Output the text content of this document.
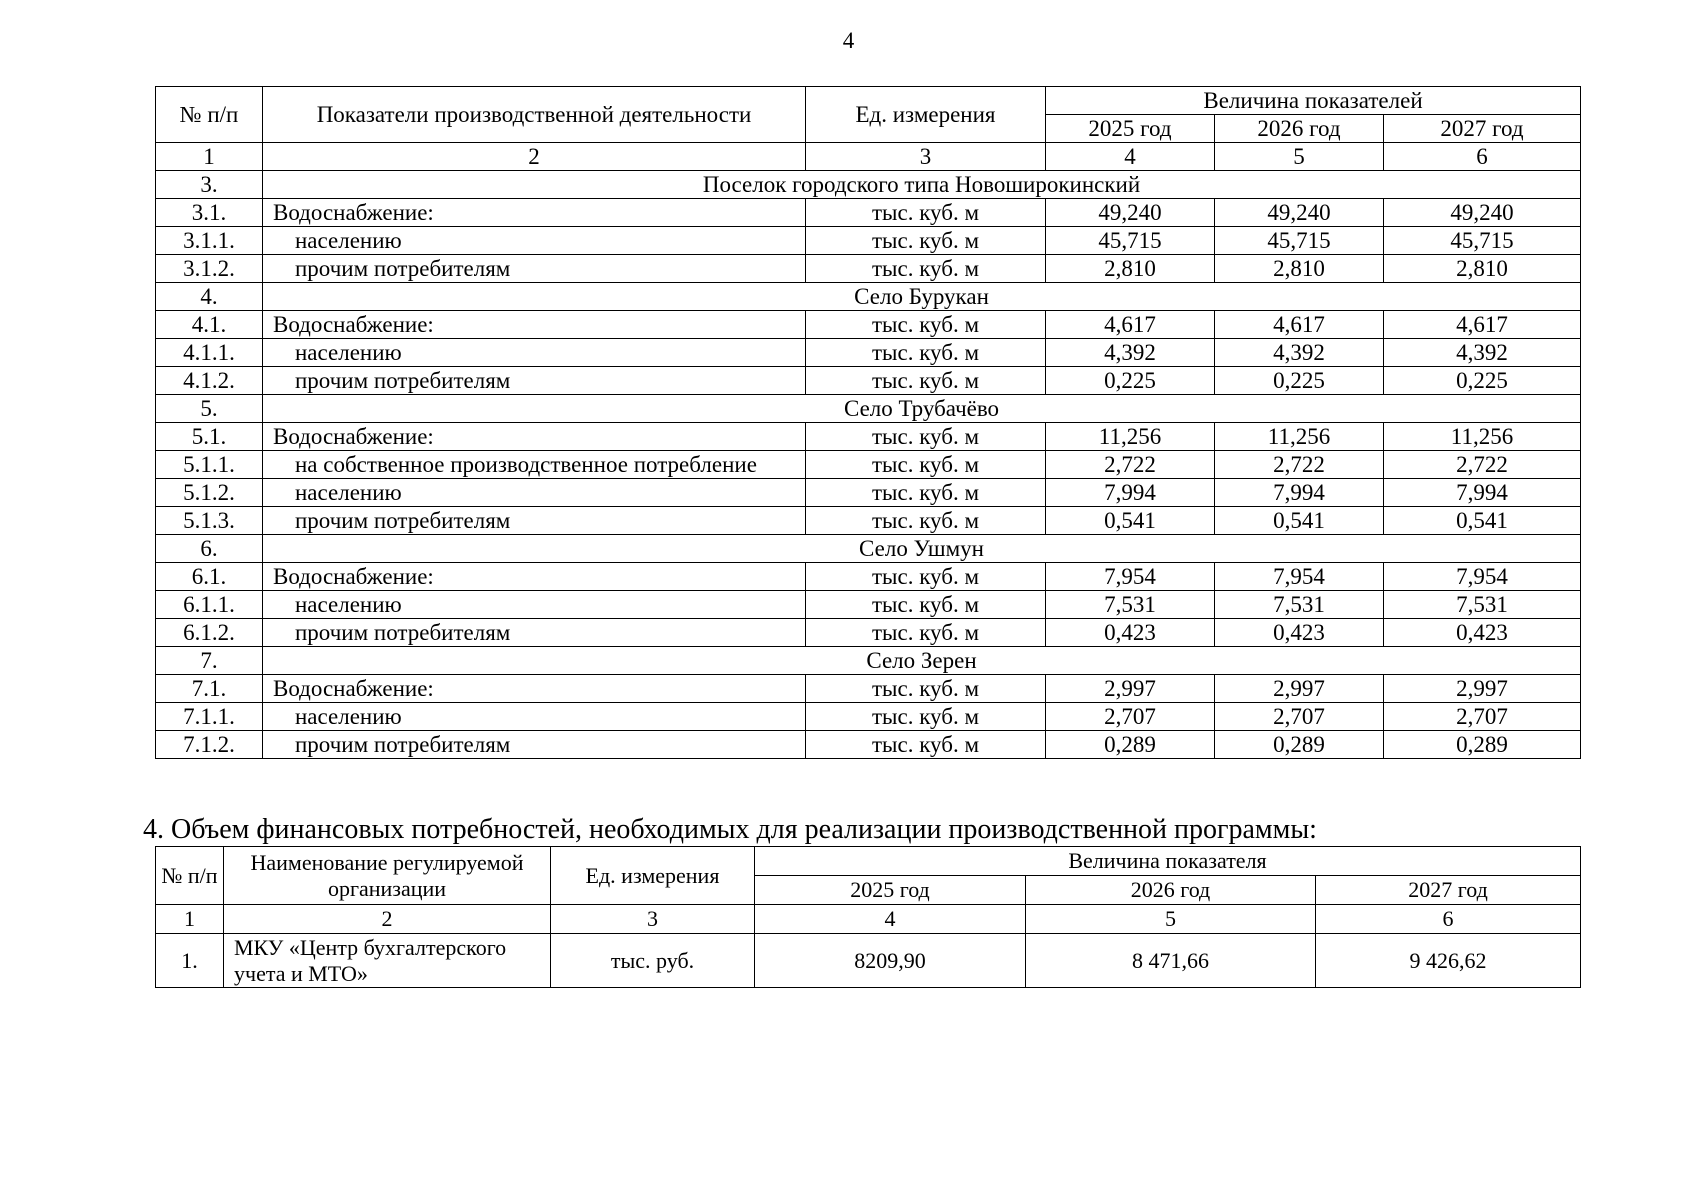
4
№ п/п	Показатели производственной деятельности	Ед. измерения	Величина показателей		
			2025 год	2026 год	2027 год
1	2	3	4	5	6
3.	Поселок городского типа Новоширокинский				
3.1.	Водоснабжение:	тыс. куб. м	49,240	49,240	49,240
3.1.1.	населению	тыс. куб. м	45,715	45,715	45,715
3.1.2.	прочим потребителям	тыс. куб. м	2,810	2,810	2,810
4.	Село Бурукан				
4.1.	Водоснабжение:	тыс. куб. м	4,617	4,617	4,617
4.1.1.	населению	тыс. куб. м	4,392	4,392	4,392
4.1.2.	прочим потребителям	тыс. куб. м	0,225	0,225	0,225
5.	Село Трубачёво				
5.1.	Водоснабжение:	тыс. куб. м	11,256	11,256	11,256
5.1.1.	на собственное производственное потребление	тыс. куб. м	2,722	2,722	2,722
5.1.2.	населению	тыс. куб. м	7,994	7,994	7,994
5.1.3.	прочим потребителям	тыс. куб. м	0,541	0,541	0,541
6.	Село Ушмун				
6.1.	Водоснабжение:	тыс. куб. м	7,954	7,954	7,954
6.1.1.	населению	тыс. куб. м	7,531	7,531	7,531
6.1.2.	прочим потребителям	тыс. куб. м	0,423	0,423	0,423
7.	Село Зерен				
7.1.	Водоснабжение:	тыс. куб. м	2,997	2,997	2,997
7.1.1.	населению	тыс. куб. м	2,707	2,707	2,707
7.1.2.	прочим потребителям	тыс. куб. м	0,289	0,289	0,289
4. Объем финансовых потребностей, необходимых для реализации производственной программы:
№ п/п	Наименование регулируемой организации	Ед. измерения	Величина показателя		
			2025 год	2026 год	2027 год
1	2	3	4	5	6
1.	МКУ «Центр бухгалтерского учета и МТО»	тыс. руб.	8209,90	8 471,66	9 426,62
